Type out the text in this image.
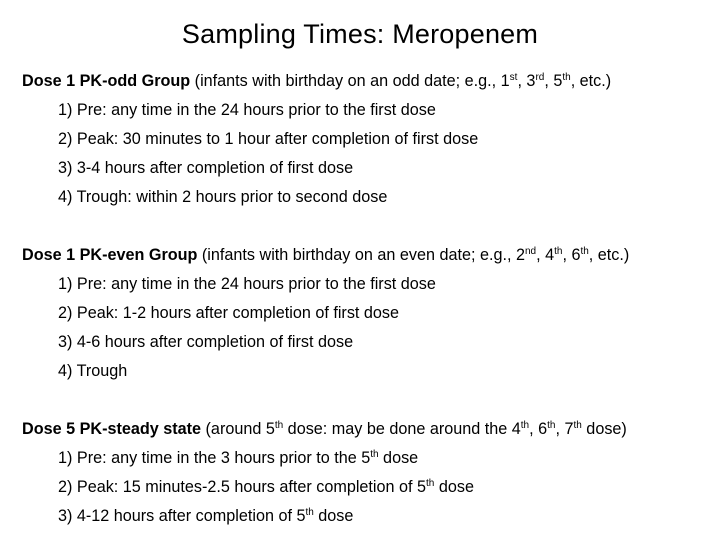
Sampling Times: Meropenem
Dose 1 PK-odd Group (infants with birthday on an odd date; e.g., 1st, 3rd, 5th, etc.)
1) Pre: any time in the 24 hours prior to the first dose
2) Peak: 30 minutes to 1 hour after completion of first dose
3) 3-4 hours after completion of first dose
4) Trough: within 2 hours prior to second dose
Dose 1 PK-even Group (infants with birthday on an even date; e.g., 2nd, 4th, 6th, etc.)
1) Pre: any time in the 24 hours prior to the first dose
2) Peak: 1-2 hours after completion of first dose
3) 4-6 hours after completion of first dose
4) Trough
Dose 5 PK-steady state (around 5th dose: may be done around the 4th, 6th, 7th dose)
1) Pre: any time in the 3 hours prior to the 5th dose
2) Peak: 15 minutes-2.5 hours after completion of 5th dose
3) 4-12 hours after completion of 5th dose
